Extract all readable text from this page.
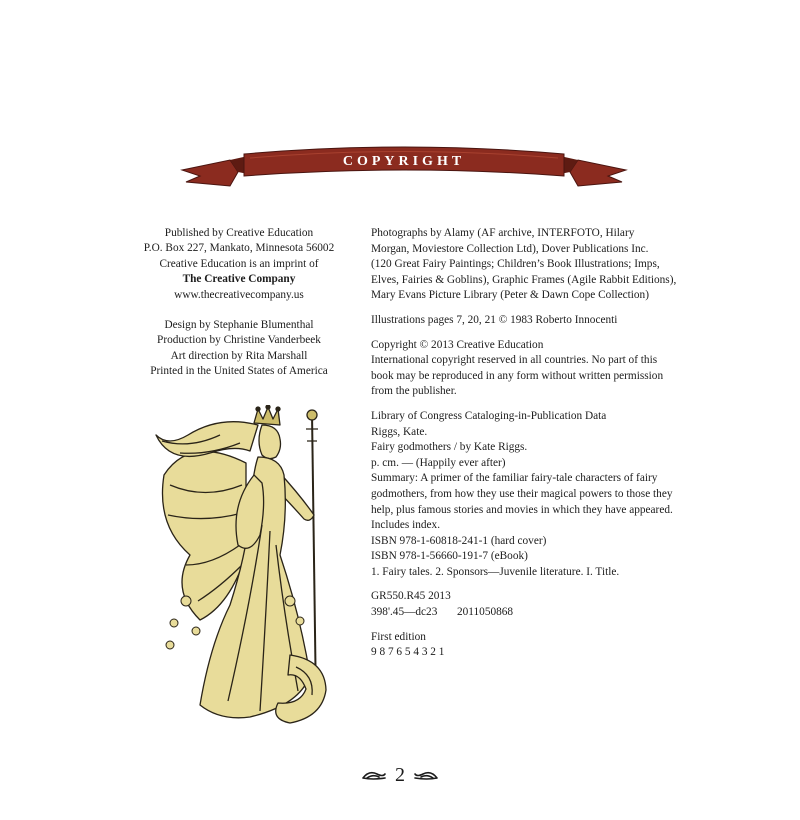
COPYRIGHT
Published by Creative Education
P.O. Box 227, Mankato, Minnesota 56002
Creative Education is an imprint of
The Creative Company
www.thecreativecompany.us
Design by Stephanie Blumenthal
Production by Christine Vanderbeek
Art direction by Rita Marshall
Printed in the United States of America
Photographs by Alamy (AF archive, INTERFOTO, Hilary
Morgan, Moviestore Collection Ltd), Dover Publications Inc.
(120 Great Fairy Paintings; Children’s Book Illustrations; Imps,
Elves, Fairies & Goblins), Graphic Frames (Agile Rabbit Editions),
Mary Evans Picture Library (Peter & Dawn Cope Collection)
Illustrations pages 7, 20, 21 © 1983 Roberto Innocenti
Copyright © 2013 Creative Education
International copyright reserved in all countries. No part of this
book may be reproduced in any form without written permission
from the publisher.
Library of Congress Cataloging-in-Publication Data
Riggs, Kate.
Fairy godmothers / by Kate Riggs.
p. cm. — (Happily ever after)
Summary: A primer of the familiar fairy-tale characters of fairy
godmothers, from how they use their magical powers to those they
help, plus famous stories and movies in which they have appeared.
Includes index.
ISBN 978-1-60818-241-1 (hard cover)
ISBN 978-1-56660-191-7 (eBook)
1. Fairy tales. 2. Sponsors—Juvenile literature. I. Title.
GR550.R45 2013
398'.45—dc23	2011050868
First edition
9 8 7 6 5 4 3 2 1
2
